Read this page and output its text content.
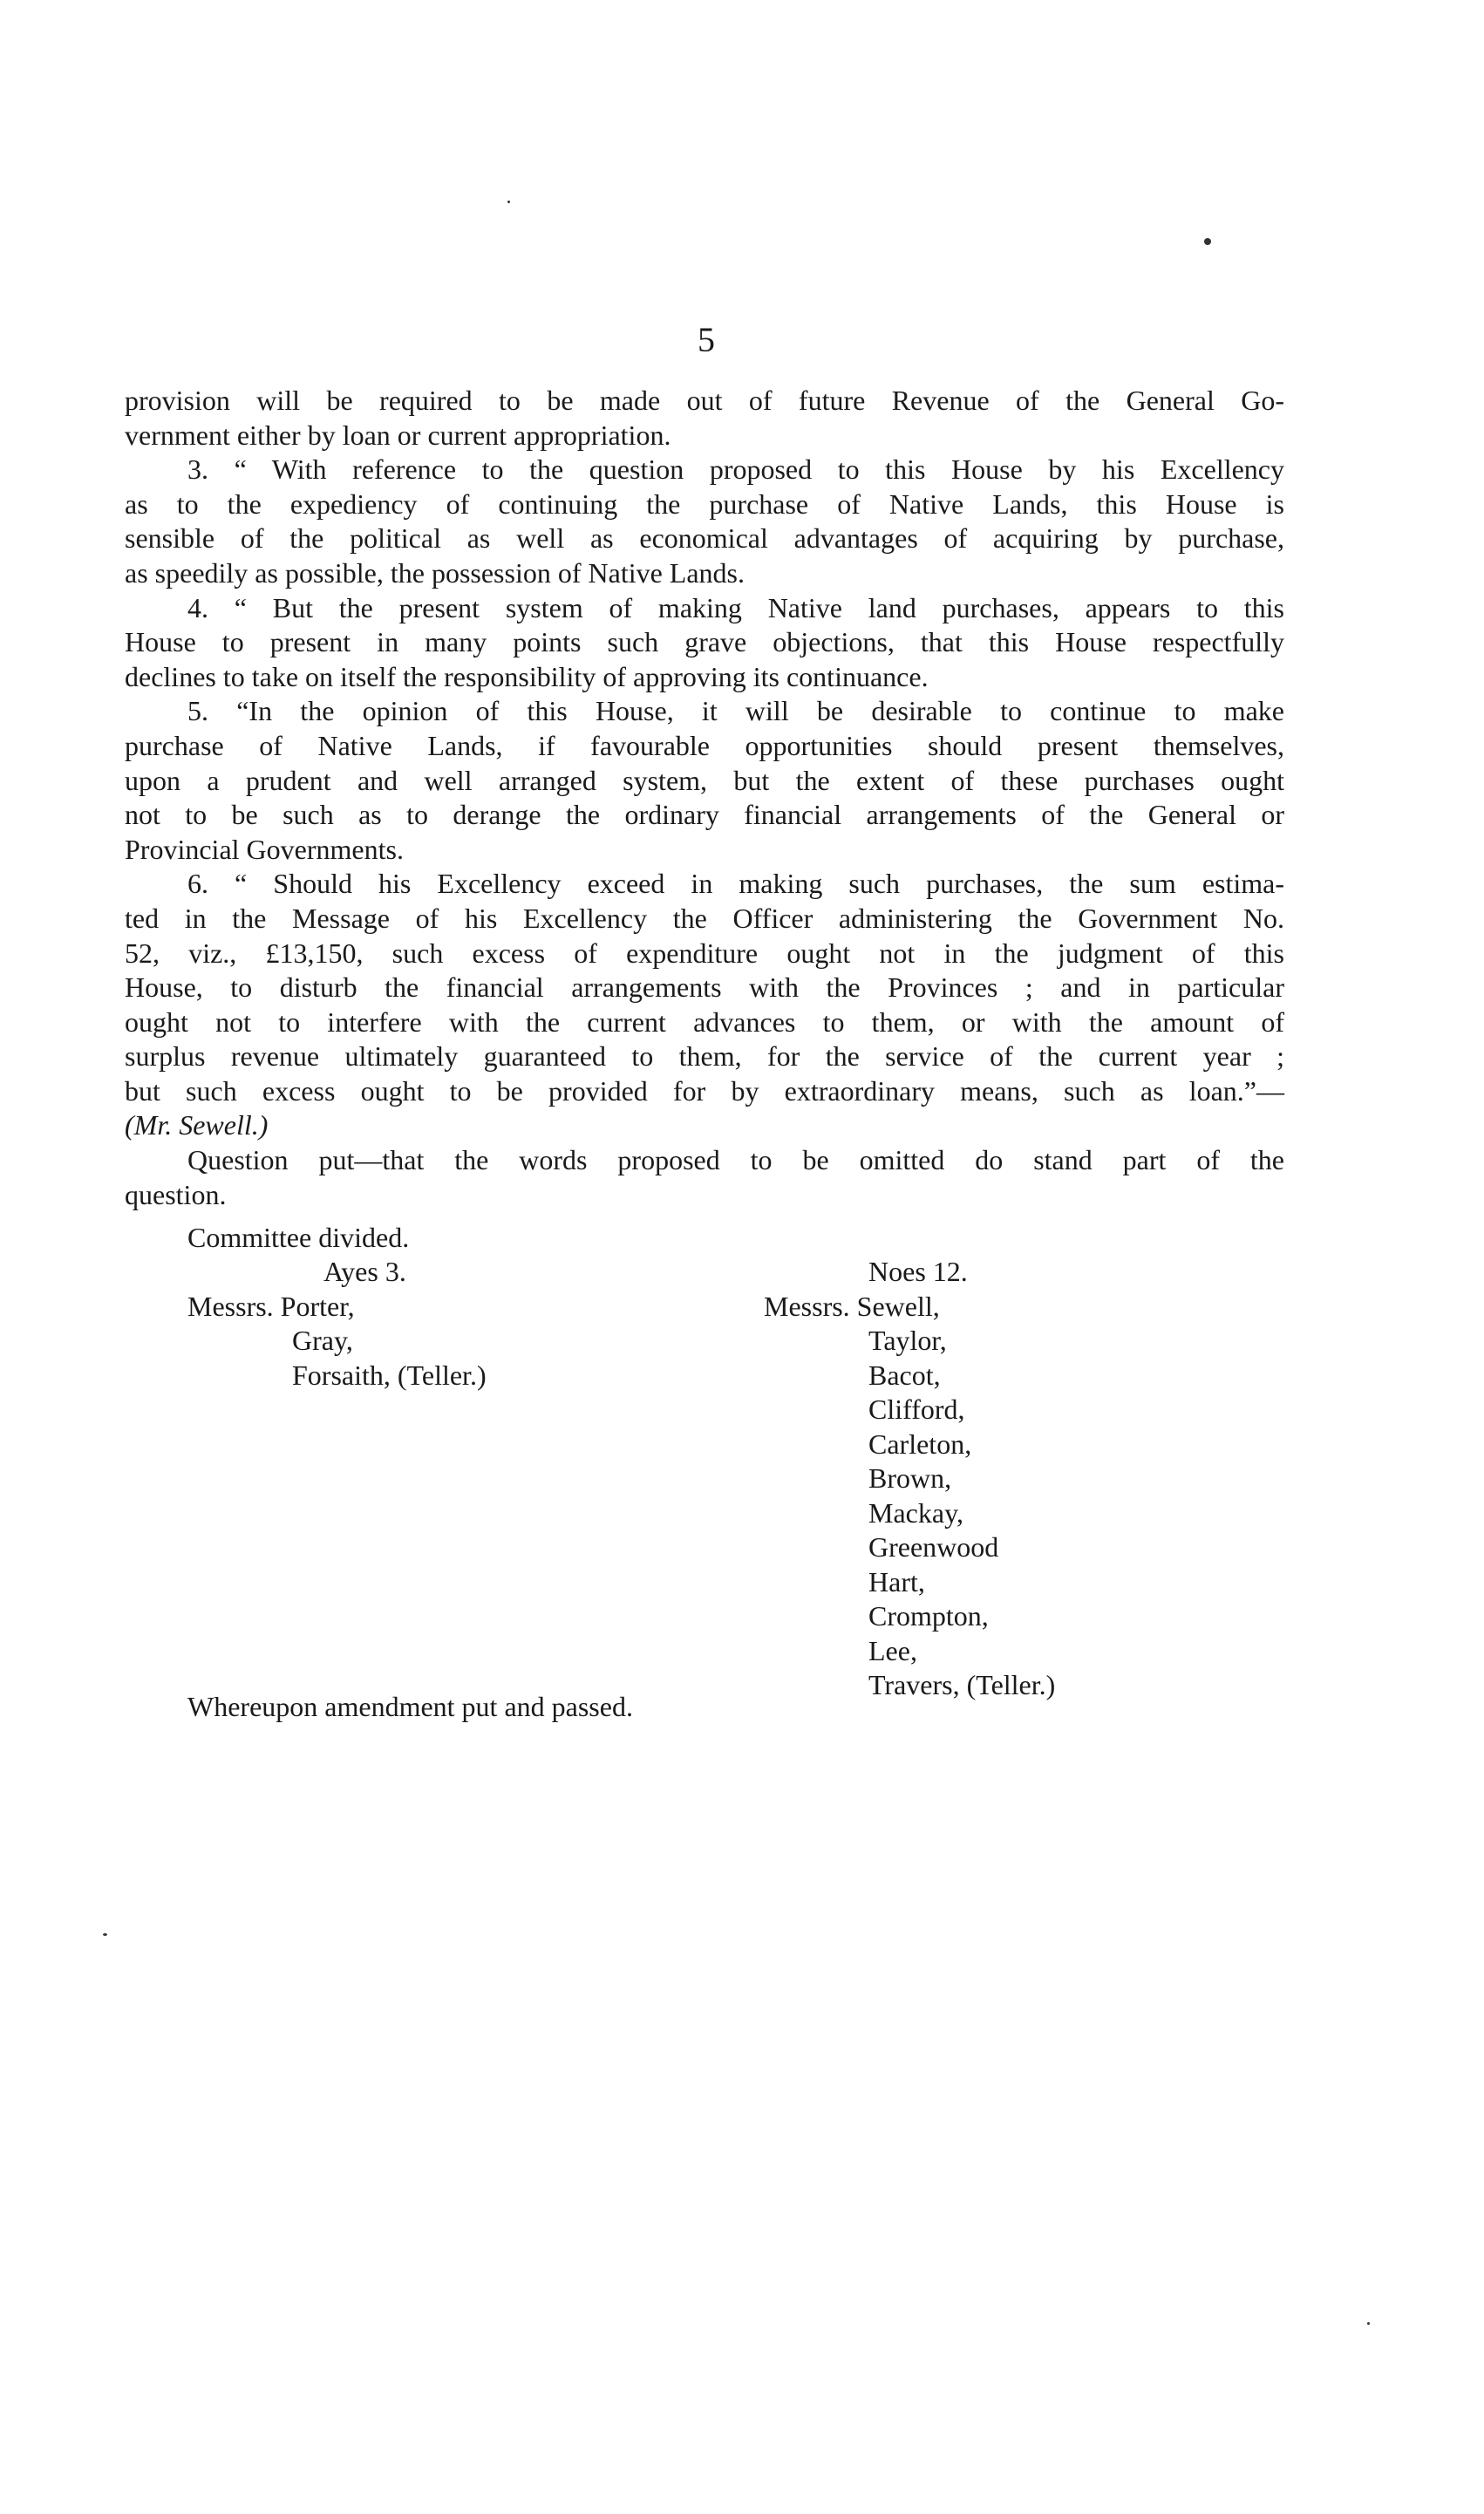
5
provision will be required to be made out of future Revenue of the General Go-
vernment either by loan or current appropriation.
3. “ With reference to the question proposed to this House by his Excellency
as to the expediency of continuing the purchase of Native Lands, this House is
sensible of the political as well as economical advantages of acquiring by purchase,
as speedily as possible, the possession of Native Lands.
4. “ But the present system of making Native land purchases, appears to this
House to present in many points such grave objections, that this House respectfully
declines to take on itself the responsibility of approving its continuance.
5. “In the opinion of this House, it will be desirable to continue to make
purchase of Native Lands, if favourable opportunities should present themselves,
upon a prudent and well arranged system, but the extent of these purchases ought
not to be such as to derange the ordinary financial arrangements of the General or
Provincial Governments.
6. “ Should his Excellency exceed in making such purchases, the sum estima-
ted in the Message of his Excellency the Officer administering the Government No.
52, viz., £13,150, such excess of expenditure ought not in the judgment of this
House, to disturb the financial arrangements with the Provinces ; and in particular
ought not to interfere with the current advances to them, or with the amount of
surplus revenue ultimately guaranteed to them, for the service of the current year ;
but such excess ought to be provided for by extraordinary means, such as loan.”—
(Mr. Sewell.)
Question put—that the words proposed to be omitted do stand part of the
question.
Committee divided.
Ayes 3.
Messrs. Porter,
Gray,
Forsaith, (Teller.)
Noes 12.
Messrs. Sewell,
Taylor,
Bacot,
Clifford,
Carleton,
Brown,
Mackay,
Greenwood
Hart,
Crompton,
Lee,
Travers, (Teller.)
Whereupon amendment put and passed.
